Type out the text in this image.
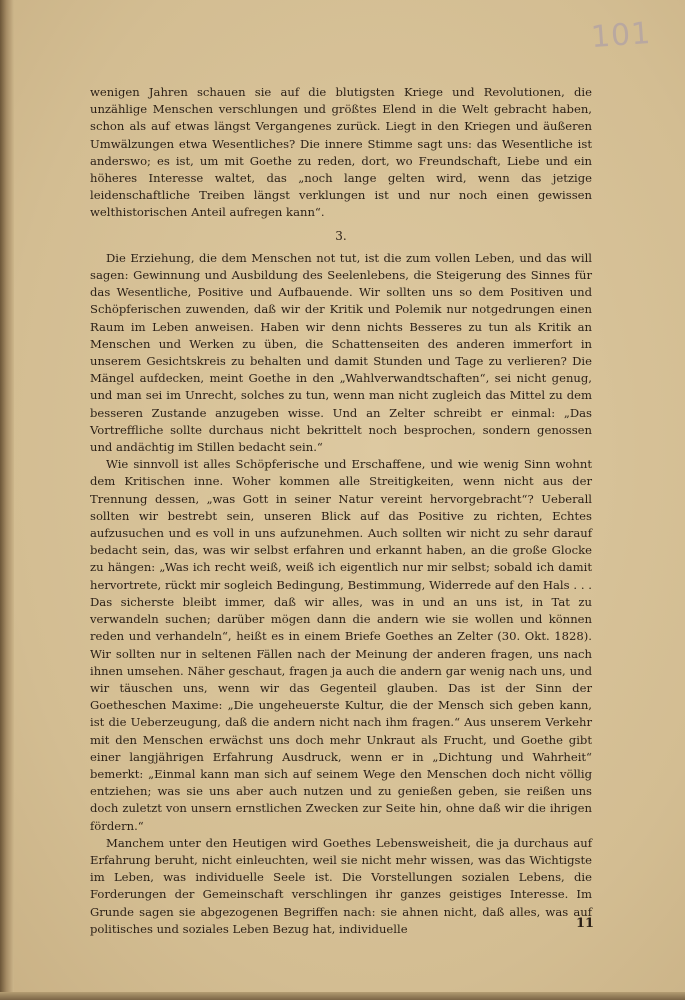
101

wenigen Jahren schauen sie auf die blutigsten Kriege und Revolutionen, die unzählige Menschen verschlungen und größtes Elend in die Welt gebracht haben, schon als auf etwas längst Vergangenes zurück. Liegt in den Kriegen und äußeren Umwälzungen etwa Wesentliches? Die innere Stimme sagt uns: das Wesentliche ist anderswo; es ist, um mit Goethe zu reden, dort, wo Freundschaft, Liebe und ein höheres Interesse waltet, das „noch lange gelten wird, wenn das jetzige leidenschaftliche Treiben längst verklungen ist und nur noch einen gewissen welthistorischen Anteil aufregen kann“.

3.

Die Erziehung, die dem Menschen not tut, ist die zum vollen Leben, und das will sagen: Gewinnung und Ausbildung des Seelenlebens, die Steigerung des Sinnes für das Wesentliche, Positive und Aufbauende. Wir sollten uns so dem Positiven und Schöpferischen zuwenden, daß wir der Kritik und Polemik nur notgedrungen einen Raum im Leben anweisen. Haben wir denn nichts Besseres zu tun als Kritik an Menschen und Werken zu üben, die Schattenseiten des anderen immerfort in unserem Gesichtskreis zu behalten und damit Stunden und Tage zu verlieren? Die Mängel aufdecken, meint Goethe in den „Wahlverwandtschaften“, sei nicht genug, und man sei im Unrecht, solches zu tun, wenn man nicht zugleich das Mittel zu dem besseren Zustande anzugeben wisse. Und an Zelter schreibt er einmal: „Das Vortreffliche sollte durchaus nicht bekrittelt noch besprochen, sondern genossen und andächtig im Stillen bedacht sein.“

Wie sinnvoll ist alles Schöpferische und Erschaffene, und wie wenig Sinn wohnt dem Kritischen inne. Woher kommen alle Streitigkeiten, wenn nicht aus der Trennung dessen, „was Gott in seiner Natur vereint hervorgebracht“? Ueberall sollten wir bestrebt sein, unseren Blick auf das Positive zu richten, Echtes aufzusuchen und es voll in uns aufzunehmen. Auch sollten wir nicht zu sehr darauf bedacht sein, das, was wir selbst erfahren und erkannt haben, an die große Glocke zu hängen: „Was ich recht weiß, weiß ich eigentlich nur mir selbst; sobald ich damit hervortrete, rückt mir sogleich Bedingung, Bestimmung, Widerrede auf den Hals . . . Das sicherste bleibt immer, daß wir alles, was in und an uns ist, in Tat zu verwandeln suchen; darüber mögen dann die andern wie sie wollen und können reden und verhandeln“, heißt es in einem Briefe Goethes an Zelter (30. Okt. 1828). Wir sollten nur in seltenen Fällen nach der Meinung der anderen fragen, uns nach ihnen umsehen. Näher geschaut, fragen ja auch die andern gar wenig nach uns, und wir täuschen uns, wenn wir das Gegenteil glauben. Das ist der Sinn der Goetheschen Maxime: „Die ungeheuerste Kultur, die der Mensch sich geben kann, ist die Ueberzeugung, daß die andern nicht nach ihm fragen.“ Aus unserem Verkehr mit den Menschen erwächst uns doch mehr Unkraut als Frucht, und Goethe gibt einer langjährigen Erfahrung Ausdruck, wenn er in „Dichtung und Wahrheit“ bemerkt: „Einmal kann man sich auf seinem Wege den Menschen doch nicht völlig entziehen; was sie uns aber auch nutzen und zu genießen geben, sie reißen uns doch zuletzt von unsern ernstlichen Zwecken zur Seite hin, ohne daß wir die ihrigen fördern.“

Manchem unter den Heutigen wird Goethes Lebensweisheit, die ja durchaus auf Erfahrung beruht, nicht einleuchten, weil sie nicht mehr wissen, was das Wichtigste im Leben, was individuelle Seele ist. Die Vorstellungen sozialen Lebens, die Forderungen der Gemeinschaft verschlingen ihr ganzes geistiges Interesse. Im Grunde sagen sie abgezogenen Begriffen nach: sie ahnen nicht, daß alles, was auf politisches und soziales Leben Bezug hat, individuelle	11
